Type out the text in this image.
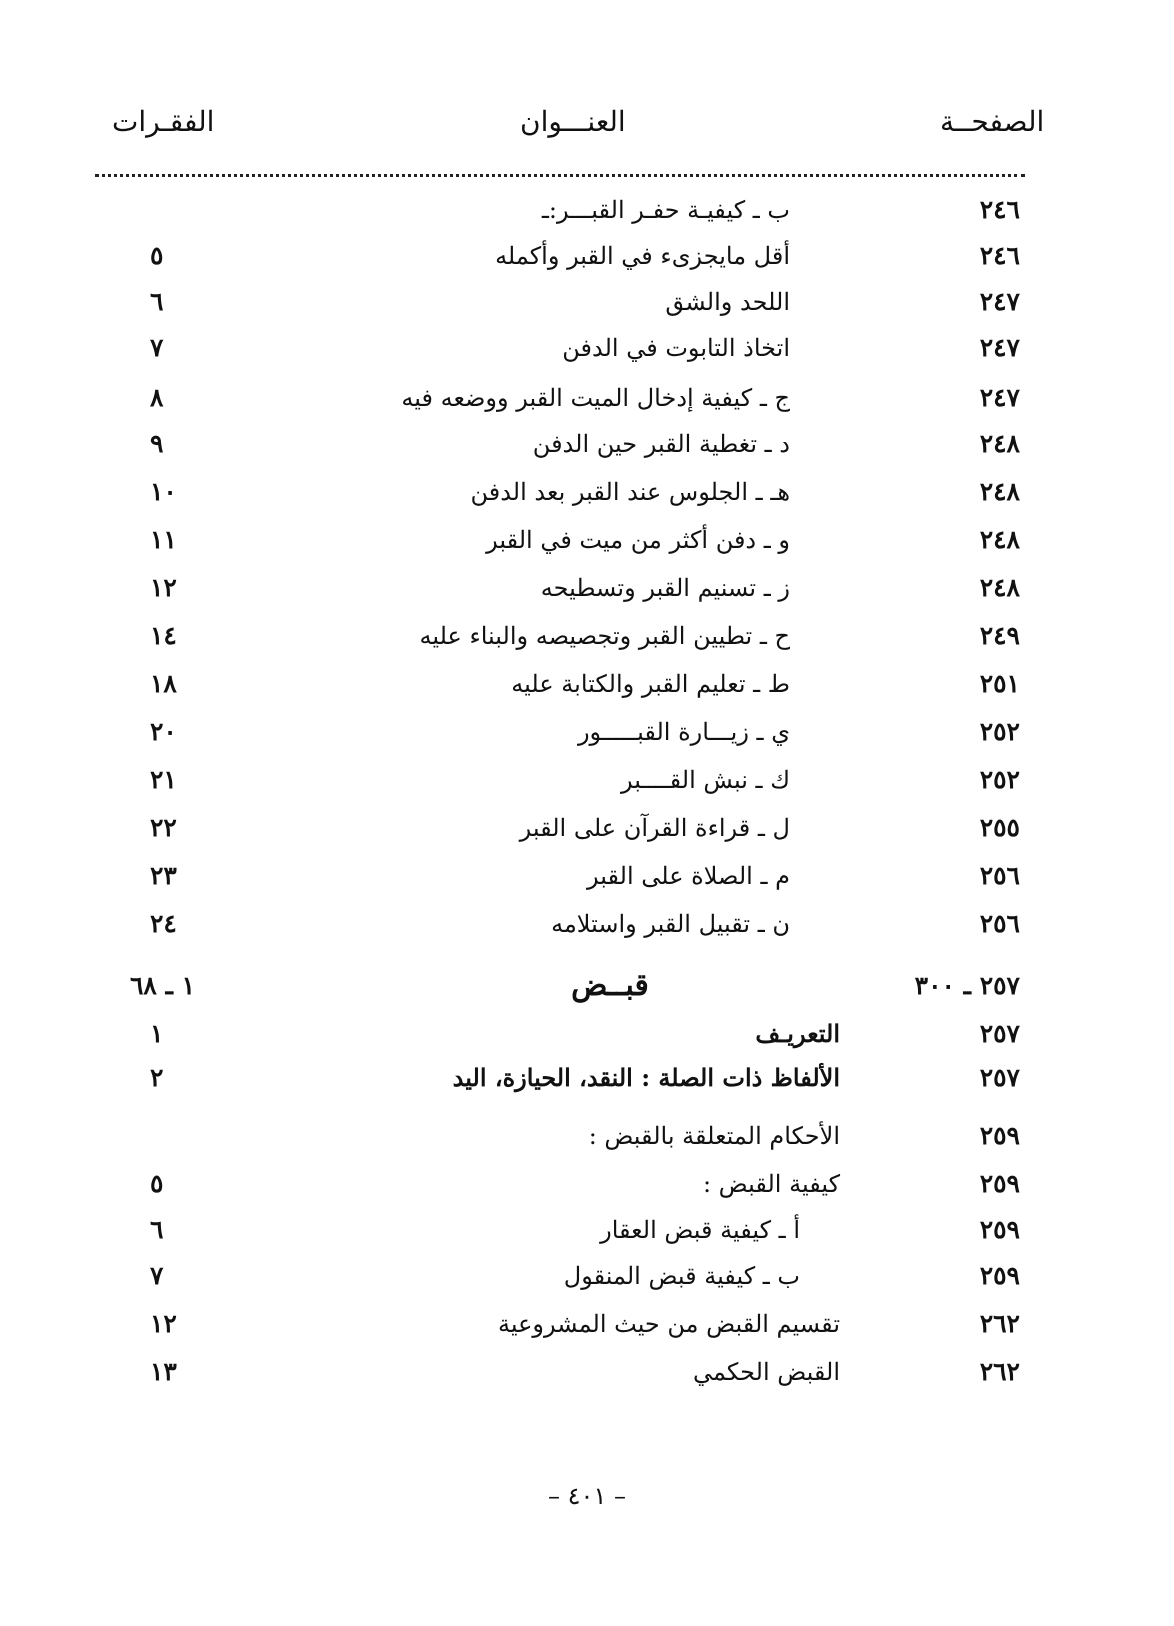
الصفحــة
العنـــوان
الفقـرات
٢٤٦
ب ـ كيفيـة حفـر القبـــر:ـ
٢٤٦
أقل مايجزىء في القبر وأكمله
٥
٢٤٧
اللحد والشق
٦
٢٤٧
اتخاذ التابوت في الدفن
٧
٢٤٧
ج ـ كيفية إدخال الميت القبر ووضعه فيه
٨
٢٤٨
د ـ تغطية القبر حين الدفن
٩
٢٤٨
هـ ـ الجلوس عند القبر بعد الدفن
١٠
٢٤٨
و ـ دفن أكثر من ميت في القبر
١١
٢٤٨
ز ـ تسنيم القبر وتسطيحه
١٢
٢٤٩
ح ـ تطيين القبر وتجصيصه والبناء عليه
١٤
٢٥١
ط ـ تعليم القبر والكتابة عليه
١٨
٢٥٢
ي ـ زيـــارة القبـــــور
٢٠
٢٥٢
ك ـ نبش القــــبر
٢١
٢٥٥
ل ـ قراءة القرآن على القبر
٢٢
٢٥٦
م ـ الصلاة على القبر
٢٣
٢٥٦
ن ـ تقبيل القبر واستلامه
٢٤
٢٥٧ ـ ٣٠٠
قبــض
١ ـ ٦٨
٢٥٧
التعريـف
١
٢٥٧
الألفاظ ذات الصلة : النقد، الحيازة، اليد
٢
٢٥٩
الأحكام المتعلقة بالقبض :
٢٥٩
كيفية القبض :
٥
٢٥٩
أ ـ كيفية قبض العقار
٦
٢٥٩
ب ـ كيفية قبض المنقول
٧
٢٦٢
تقسيم القبض من حيث المشروعية
١٢
٢٦٢
القبض الحكمي
١٣
– ٤٠١ –
